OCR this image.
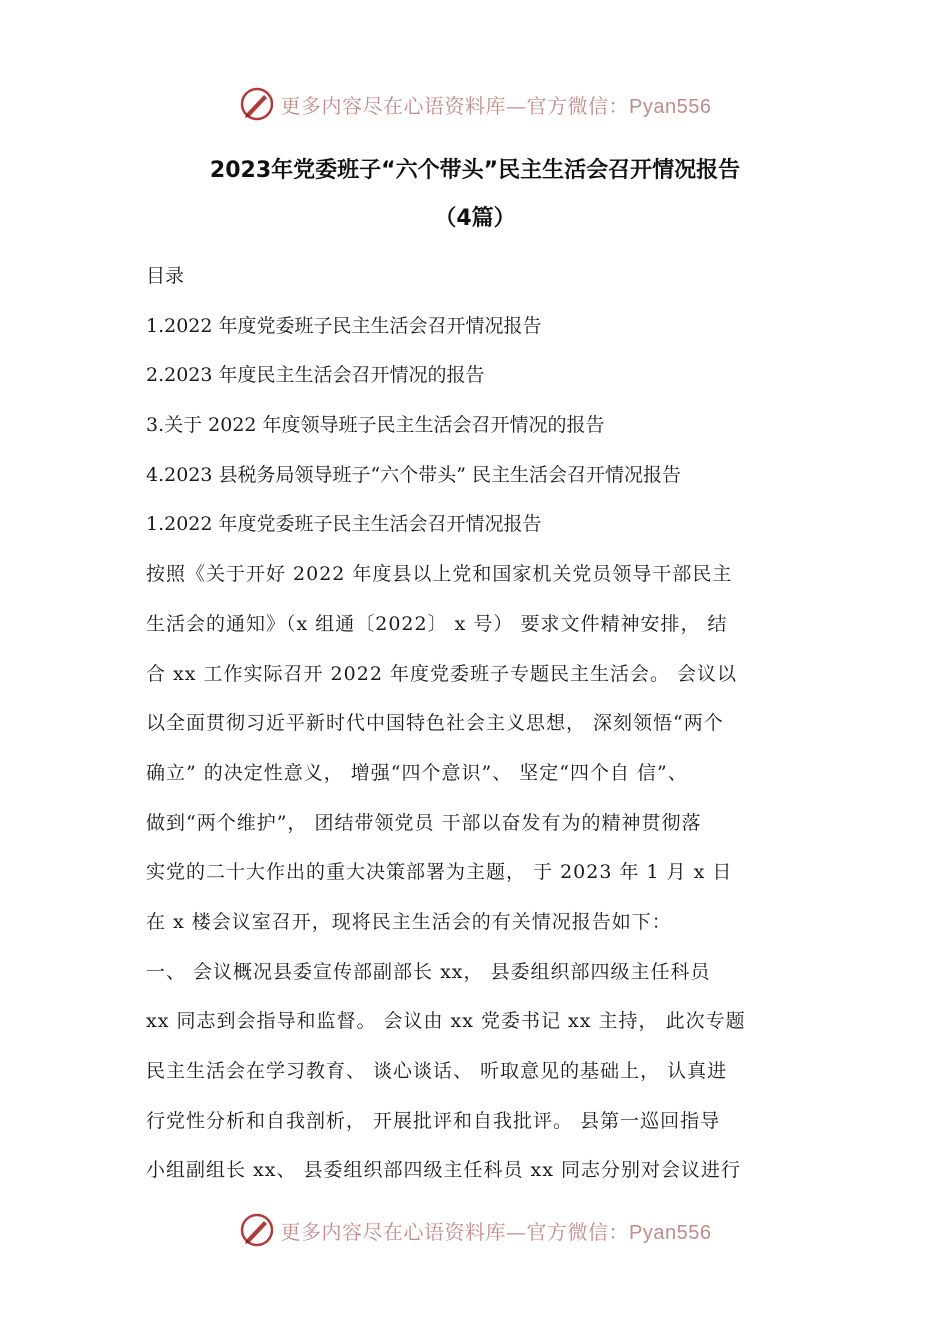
更多内容尽在心语资料库—官方微信：Pyan556
2023年党委班子“六个带头”民主生活会召开情况报告
（4篇）
目录
1.2022 年度党委班子民主生活会召开情况报告
2.2023 年度民主生活会召开情况的报告
3.关于 2022 年度领导班子民主生活会召开情况的报告
4.2023 县税务局领导班子“六个带头” 民主生活会召开情况报告
1.2022 年度党委班子民主生活会召开情况报告
按照《关于开好 2022 年度县以上党和国家机关党员领导干部民主
生活会的通知》（x 组通〔2022〕 x 号） 要求文件精神安排， 结
合 xx 工作实际召开 2022 年度党委班子专题民主生活会。 会议以
以全面贯彻习近平新时代中国特色社会主义思想， 深刻领悟“两个
确立” 的决定性意义， 增强“四个意识”、 坚定“四个自 信”、
做到“两个维护”， 团结带领党员 干部以奋发有为的精神贯彻落
实党的二十大作出的重大决策部署为主题， 于 2023 年 1 月 x 日
在 x 楼会议室召开，现将民主生活会的有关情况报告如下：
一、 会议概况县委宣传部副部长 xx， 县委组织部四级主任科员
xx 同志到会指导和监督。 会议由 xx 党委书记 xx 主持， 此次专题
民主生活会在学习教育、 谈心谈话、 听取意见的基础上， 认真进
行党性分析和自我剖析， 开展批评和自我批评。 县第一巡回指导
小组副组长 xx、 县委组织部四级主任科员 xx 同志分别对会议进行
更多内容尽在心语资料库—官方微信：Pyan556
